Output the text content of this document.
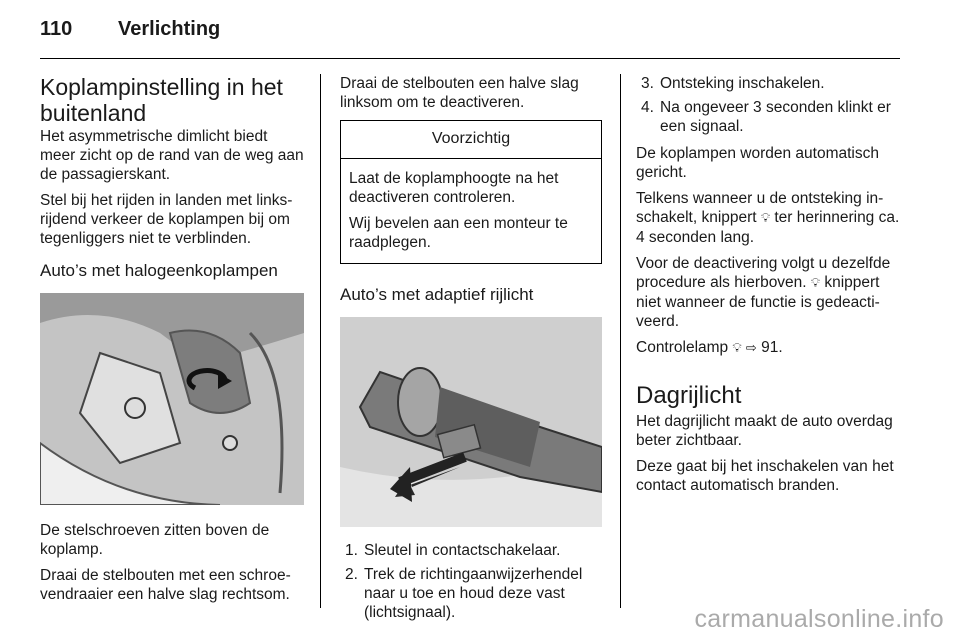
110 Verlichting
Koplampinstelling in het buitenland

Het asymmetrische dimlicht biedt meer zicht op de rand van de weg aan de passagierskant.

Stel bij het rijden in landen met links-rijdend verkeer de koplampen bij om tegenliggers niet te verblinden.

Auto’s met halogeenkoplampen

De stelschroeven zitten boven de koplamp.

Draai de stelbouten met een schroe-vendraaier een halve slag rechtsom.

Draai de stelbouten een halve slag linksom om te deactiveren.

Voorzichtig

Laat de koplamphoogte na het deactiveren controleren.

Wij bevelen aan een monteur te raadplegen.

Auto’s met adaptief rijlicht
1. Sleutel in contactschakelaar.
2. Trek de richtingaanwijzerhendel naar u toe en houd deze vast (lichtsignaal).
3. Ontsteking inschakelen.
4. Na ongeveer 3 seconden klinkt er een signaal.

De koplampen worden automatisch gericht.

Telkens wanneer u de ontsteking in-schakelt, knippert 💡︎ ter herinnering ca. 4 seconden lang.

Voor de deactivering volgt u dezelfde procedure als hierboven. 💡︎ knippert niet wanneer de functie is gedeacti-veerd.

Controlelamp 💡︎ ⇨ 91.

Dagrijlicht

Het dagrijlicht maakt de auto overdag beter zichtbaar.

Deze gaat bij het inschakelen van het contact automatisch branden.

carmanualsonline.info
